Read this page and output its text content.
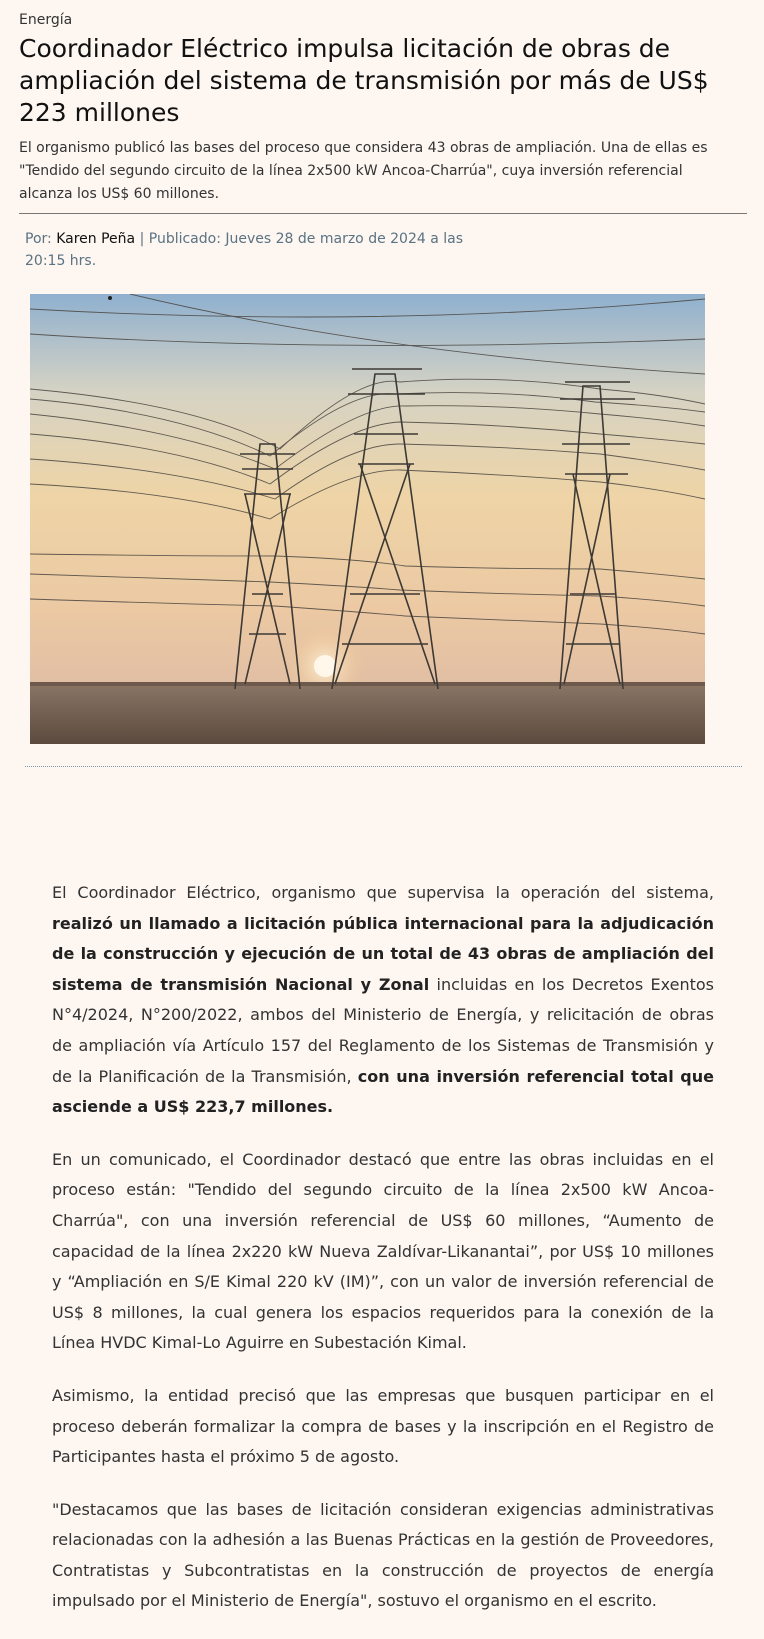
Energía
Coordinador Eléctrico impulsa licitación de obras de ampliación del sistema de transmisión por más de US$ 223 millones

El organismo publicó las bases del proceso que considera 43 obras de ampliación. Una de ellas es "Tendido del segundo circuito de la línea 2x500 kW Ancoa-Charrúa", cuya inversión referencial alcanza los US$ 60 millones.

Por: Karen Peña | Publicado: Jueves 28 de marzo de 2024 a las 20:15 hrs.

El Coordinador Eléctrico, organismo que supervisa la operación del sistema, realizó un llamado a licitación pública internacional para la adjudicación de la construcción y ejecución de un total de 43 obras de ampliación del sistema de transmisión Nacional y Zonal incluidas en los Decretos Exentos N°4/2024, N°200/2022, ambos del Ministerio de Energía, y relicitación de obras de ampliación vía Artículo 157 del Reglamento de los Sistemas de Transmisión y de la Planificación de la Transmisión, con una inversión referencial total que asciende a US$ 223,7 millones.

En un comunicado, el Coordinador destacó que entre las obras incluidas en el proceso están: "Tendido del segundo circuito de la línea 2x500 kW Ancoa-Charrúa", con una inversión referencial de US$ 60 millones, “Aumento de capacidad de la línea 2x220 kW Nueva Zaldívar-Likanantai”, por US$ 10 millones y “Ampliación en S/E Kimal 220 kV (IM)”, con un valor de inversión referencial de US$ 8 millones, la cual genera los espacios requeridos para la conexión de la Línea HVDC Kimal-Lo Aguirre en Subestación Kimal.

Asimismo, la entidad precisó que las empresas que busquen participar en el proceso deberán formalizar la compra de bases y la inscripción en el Registro de Participantes hasta el próximo 5 de agosto.

"Destacamos que las bases de licitación consideran exigencias administrativas relacionadas con la adhesión a las Buenas Prácticas en la gestión de Proveedores, Contratistas y Subcontratistas en la construcción de proyectos de energía impulsado por el Ministerio de Energía", sostuvo el organismo en el escrito.
